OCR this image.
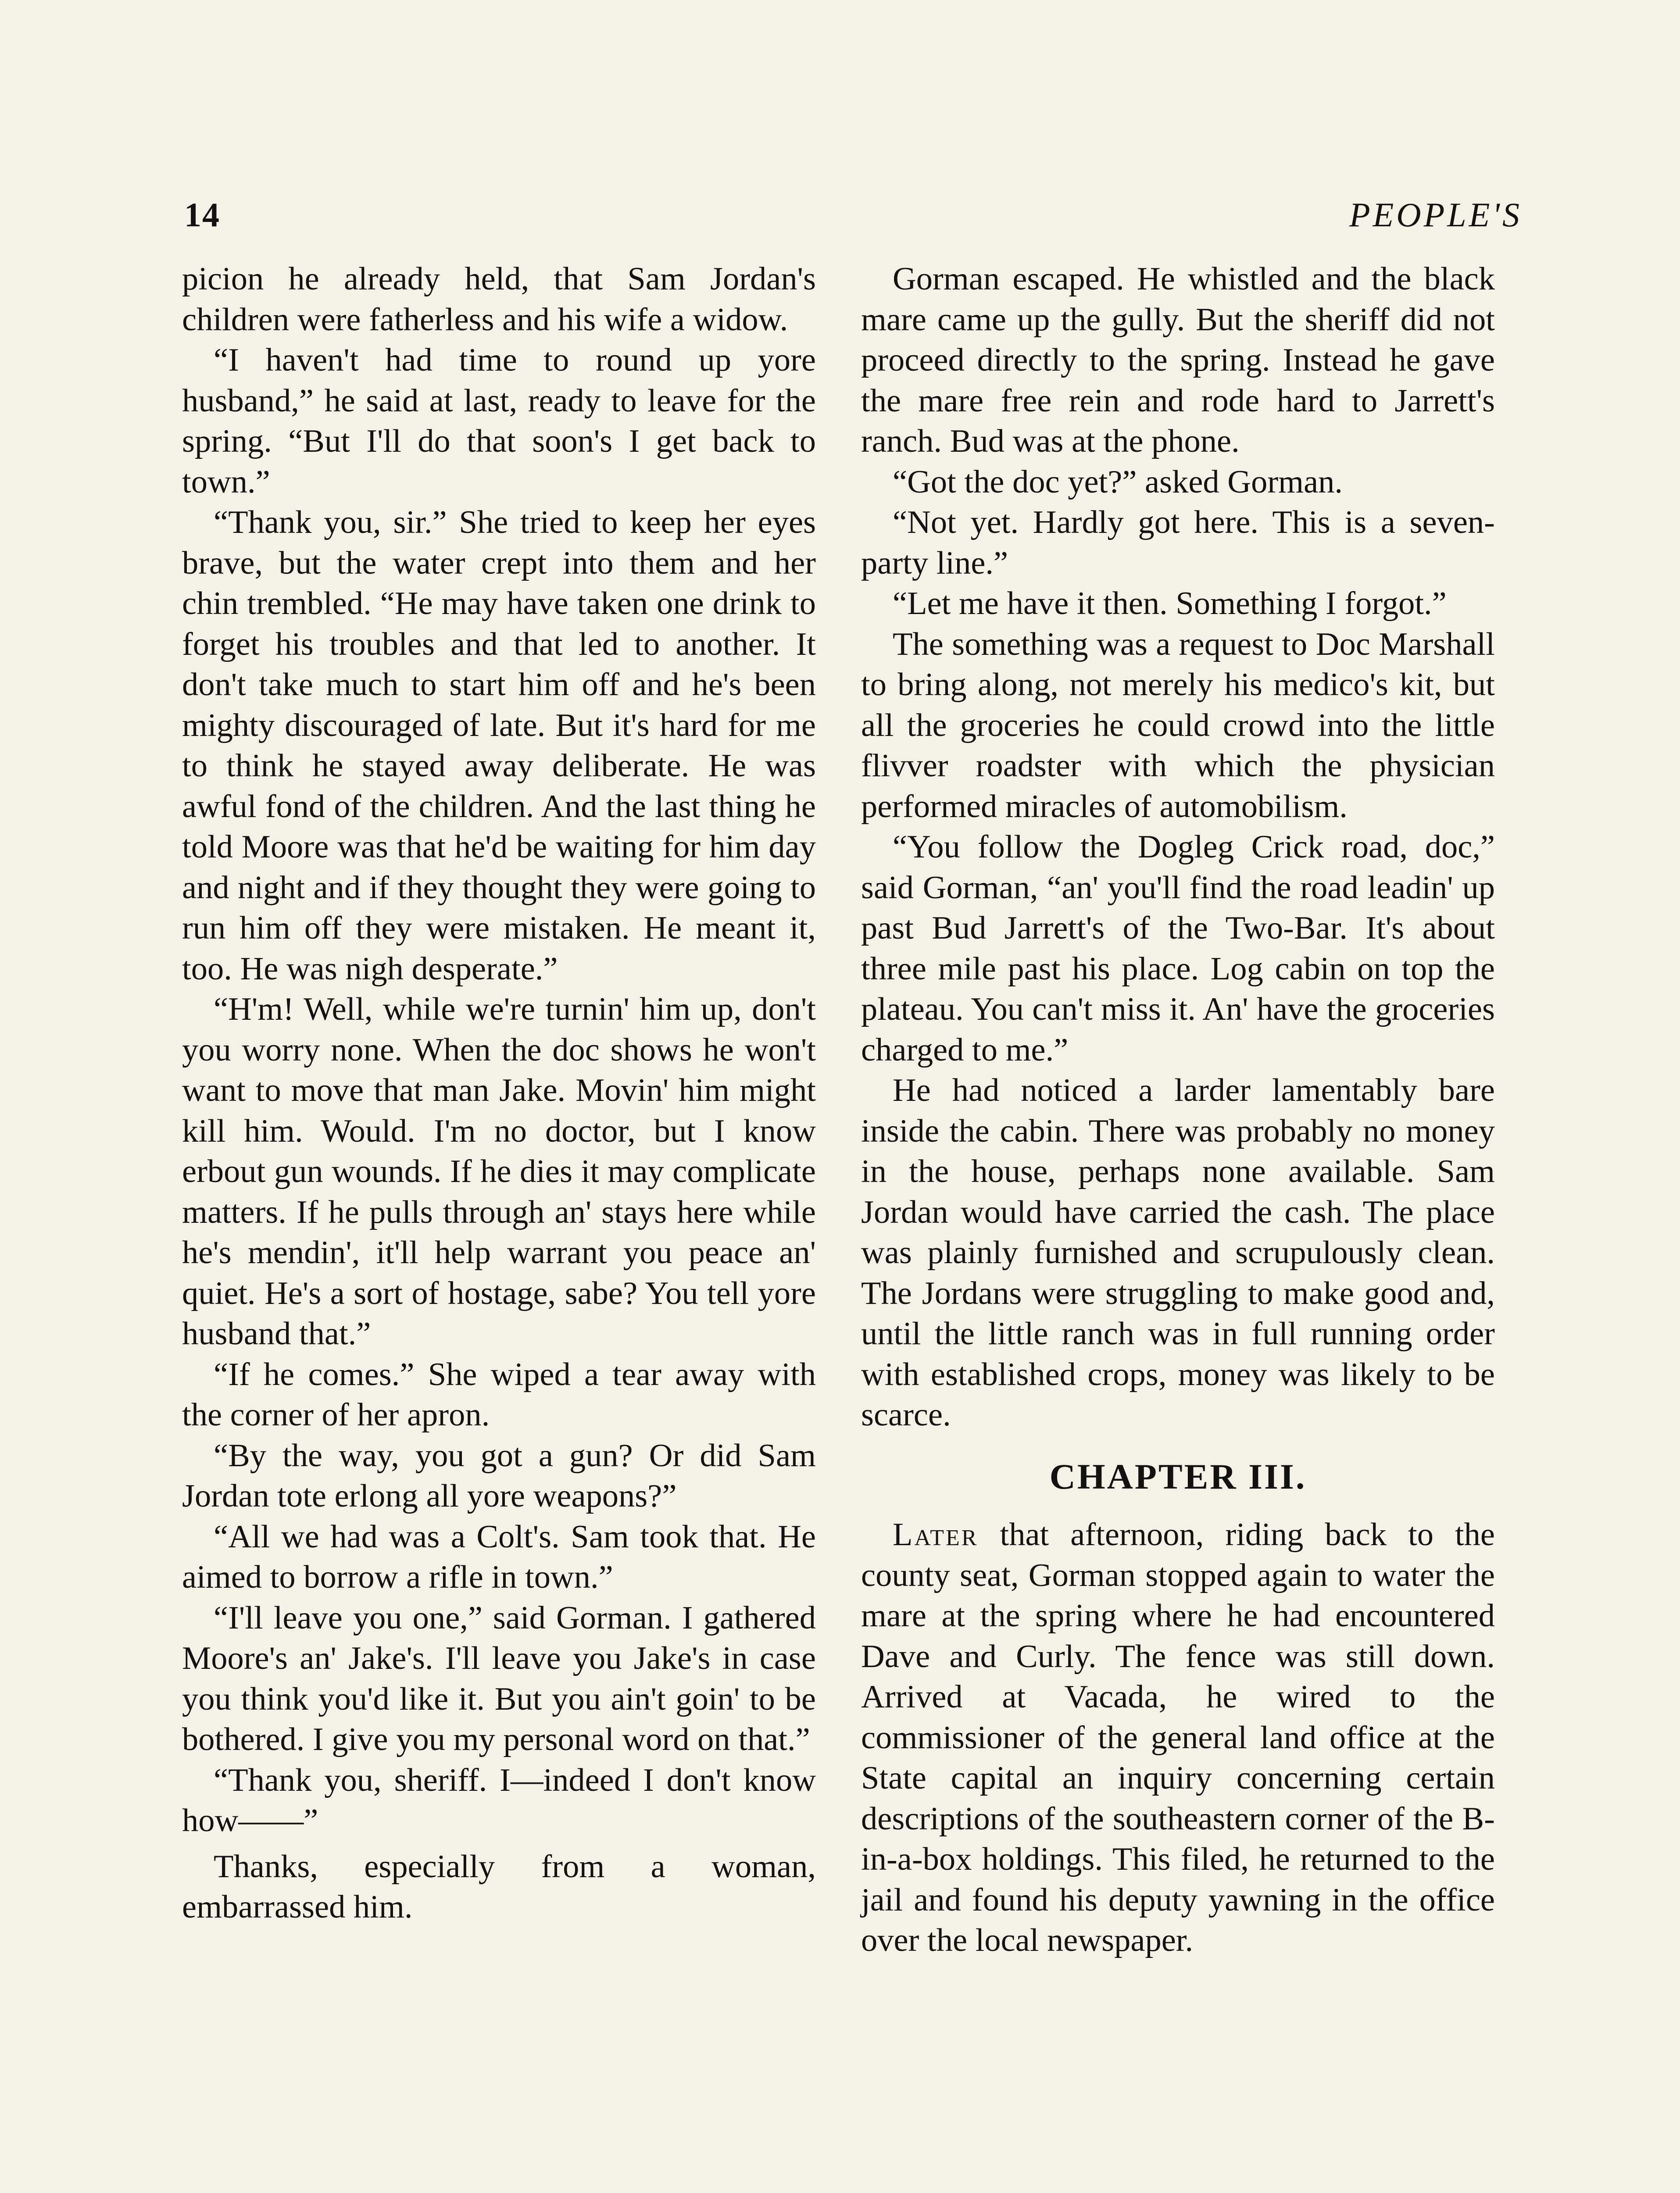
14	PEOPLE'S

picion he already held, that Sam Jordan's children were fatherless and his wife a widow.

“I haven't had time to round up yore husband,” he said at last, ready to leave for the spring. “But I'll do that soon's I get back to town.”

“Thank you, sir.” She tried to keep her eyes brave, but the water crept into them and her chin trembled. “He may have taken one drink to forget his troubles and that led to another. It don't take much to start him off and he's been mighty discouraged of late. But it's hard for me to think he stayed away deliberate. He was awful fond of the children. And the last thing he told Moore was that he'd be waiting for him day and night and if they thought they were going to run him off they were mistaken. He meant it, too. He was nigh desperate.”

“H'm! Well, while we're turnin' him up, don't you worry none. When the doc shows he won't want to move that man Jake. Movin' him might kill him. Would. I'm no doctor, but I know erbout gun wounds. If he dies it may complicate matters. If he pulls through an' stays here while he's mendin', it'll help warrant you peace an' quiet. He's a sort of hostage, sabe? You tell yore husband that.”

“If he comes.” She wiped a tear away with the corner of her apron.

“By the way, you got a gun? Or did Sam Jordan tote erlong all yore weapons?”

“All we had was a Colt's. Sam took that. He aimed to borrow a rifle in town.”

“I'll leave you one,” said Gorman. I gathered Moore's an' Jake's. I'll leave you Jake's in case you think you'd like it. But you ain't goin' to be bothered. I give you my personal word on that.”

“Thank you, sheriff. I—indeed I don't know how——”

Thanks, especially from a woman, embarrassed him.

Gorman escaped. He whistled and the black mare came up the gully. But the sheriff did not proceed directly to the spring. Instead he gave the mare free rein and rode hard to Jarrett's ranch. Bud was at the phone.

“Got the doc yet?” asked Gorman.

“Not yet. Hardly got here. This is a seven-party line.”

“Let me have it then. Something I forgot.”

The something was a request to Doc Marshall to bring along, not merely his medico's kit, but all the groceries he could crowd into the little flivver roadster with which the physician performed miracles of automobilism.

“You follow the Dogleg Crick road, doc,” said Gorman, “an' you'll find the road leadin' up past Bud Jarrett's of the Two-Bar. It's about three mile past his place. Log cabin on top the plateau. You can't miss it. An' have the groceries charged to me.”

He had noticed a larder lamentably bare inside the cabin. There was probably no money in the house, perhaps none available. Sam Jordan would have carried the cash. The place was plainly furnished and scrupulously clean. The Jordans were struggling to make good and, until the little ranch was in full running order with established crops, money was likely to be scarce.

CHAPTER III.

Later that afternoon, riding back to the county seat, Gorman stopped again to water the mare at the spring where he had encountered Dave and Curly. The fence was still down. Arrived at Vacada, he wired to the commissioner of the general land office at the State capital an inquiry concerning certain descriptions of the southeastern corner of the B-in-a-box holdings. This filed, he returned to the jail and found his deputy yawning in the office over the local newspaper.
